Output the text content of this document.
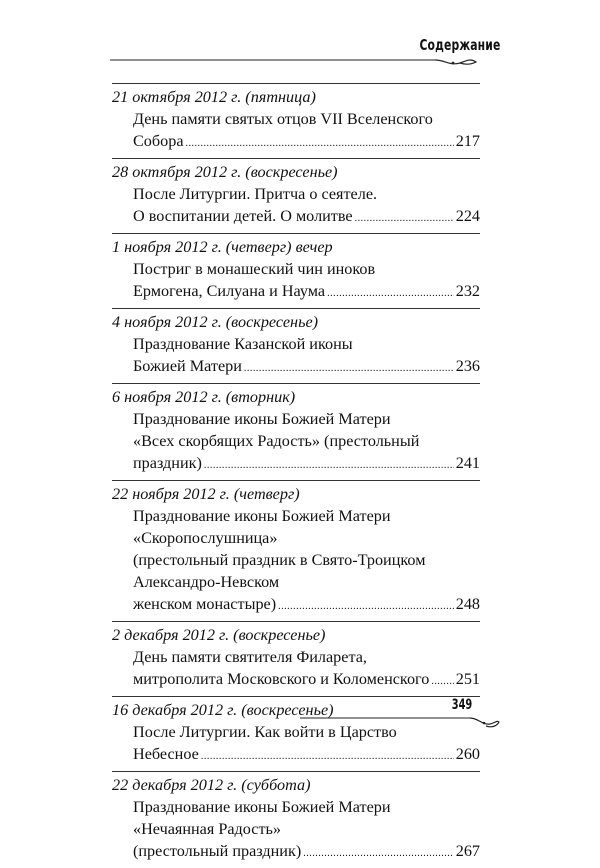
Содержание
21 октября 2012 г. (пятница)
День памяти святых отцов VII Вселенского
Собора .....	217
28 октября 2012 г. (воскресенье)
После Литургии. Притча о сеятеле.
О воспитании детей. О молитве .....	224
1 ноября 2012 г. (четверг) вечер
Постриг в монашеский чин иноков
Ермогена, Силуана и Наума .....	232
4 ноября 2012 г. (воскресенье)
Празднование Казанской иконы
Божией Матери .....	236
6 ноября 2012 г. (вторник)
Празднование иконы Божией Матери
«Всех скорбящих Радость» (престольный
праздник) .....	241
22 ноября 2012 г. (четверг)
Празднование иконы Божией Матери
«Скоропослушница»
(престольный праздник в Свято-Троицком
Александро-Невском
женском монастыре) .....	248
2 декабря 2012 г. (воскресенье)
День памяти святителя Филарета,
митрополита Московского и Коломенского ..... 251
16 декабря 2012 г. (воскресенье)
После Литургии. Как войти в Царство
Небесное .....	260
22 декабря 2012 г. (суббота)
Празднование иконы Божией Матери
«Нечаянная Радость»
(престольный праздник) .....	267
349
